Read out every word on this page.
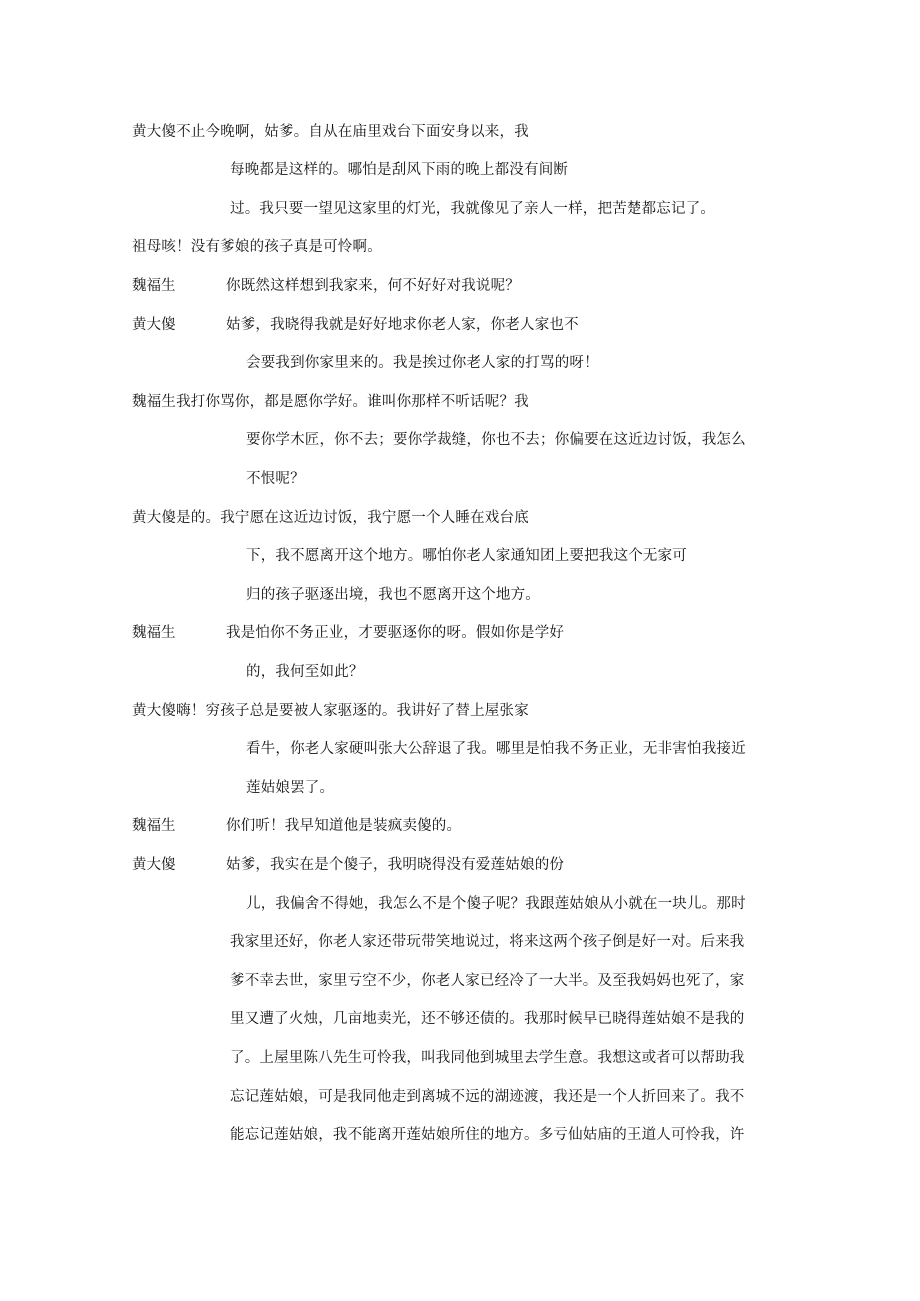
黄大傻不止今晚啊，姑爹。自从在庙里戏台下面安身以来，我
每晚都是这样的。哪怕是刮风下雨的晚上都没有间断
过。我只要一望见这家里的灯光，我就像见了亲人一样，把苦楚都忘记了。
祖母咳！没有爹娘的孩子真是可怜啊。
魏福生	你既然这样想到我家来，何不好好对我说呢？
黄大傻	姑爹，我晓得我就是好好地求你老人家，你老人家也不
会要我到你家里来的。我是挨过你老人家的打骂的呀！
魏福生我打你骂你，都是愿你学好。谁叫你那样不听话呢？我
要你学木匠，你不去；要你学裁缝，你也不去；你偏要在这近边讨饭，我怎么
不恨呢？
黄大傻是的。我宁愿在这近边讨饭，我宁愿一个人睡在戏台底
下，我不愿离开这个地方。哪怕你老人家通知团上要把我这个无家可
归的孩子驱逐出境，我也不愿离开这个地方。
魏福生	我是怕你不务正业，才要驱逐你的呀。假如你是学好
的，我何至如此？
黄大傻嗨！穷孩子总是要被人家驱逐的。我讲好了替上屋张家
看牛，你老人家硬叫张大公辞退了我。哪里是怕我不务正业，无非害怕我接近
莲姑娘罢了。
魏福生	你们听！我早知道他是装疯卖傻的。
黄大傻	姑爹，我实在是个傻子，我明晓得没有爱莲姑娘的份
儿，我偏舍不得她，我怎么不是个傻子呢？我跟莲姑娘从小就在一块儿。那时
我家里还好，你老人家还带玩带笑地说过，将来这两个孩子倒是好一对。后来我
爹不幸去世，家里亏空不少，你老人家已经冷了一大半。及至我妈妈也死了，家
里又遭了火烛，几亩地卖光，还不够还债的。我那时候早已晓得莲姑娘不是我的
了。上屋里陈八先生可怜我，叫我同他到城里去学生意。我想这或者可以帮助我
忘记莲姑娘，可是我同他走到离城不远的湖迹渡，我还是一个人折回来了。我不
能忘记莲姑娘，我不能离开莲姑娘所住的地方。多亏仙姑庙的王道人可怜我，许
